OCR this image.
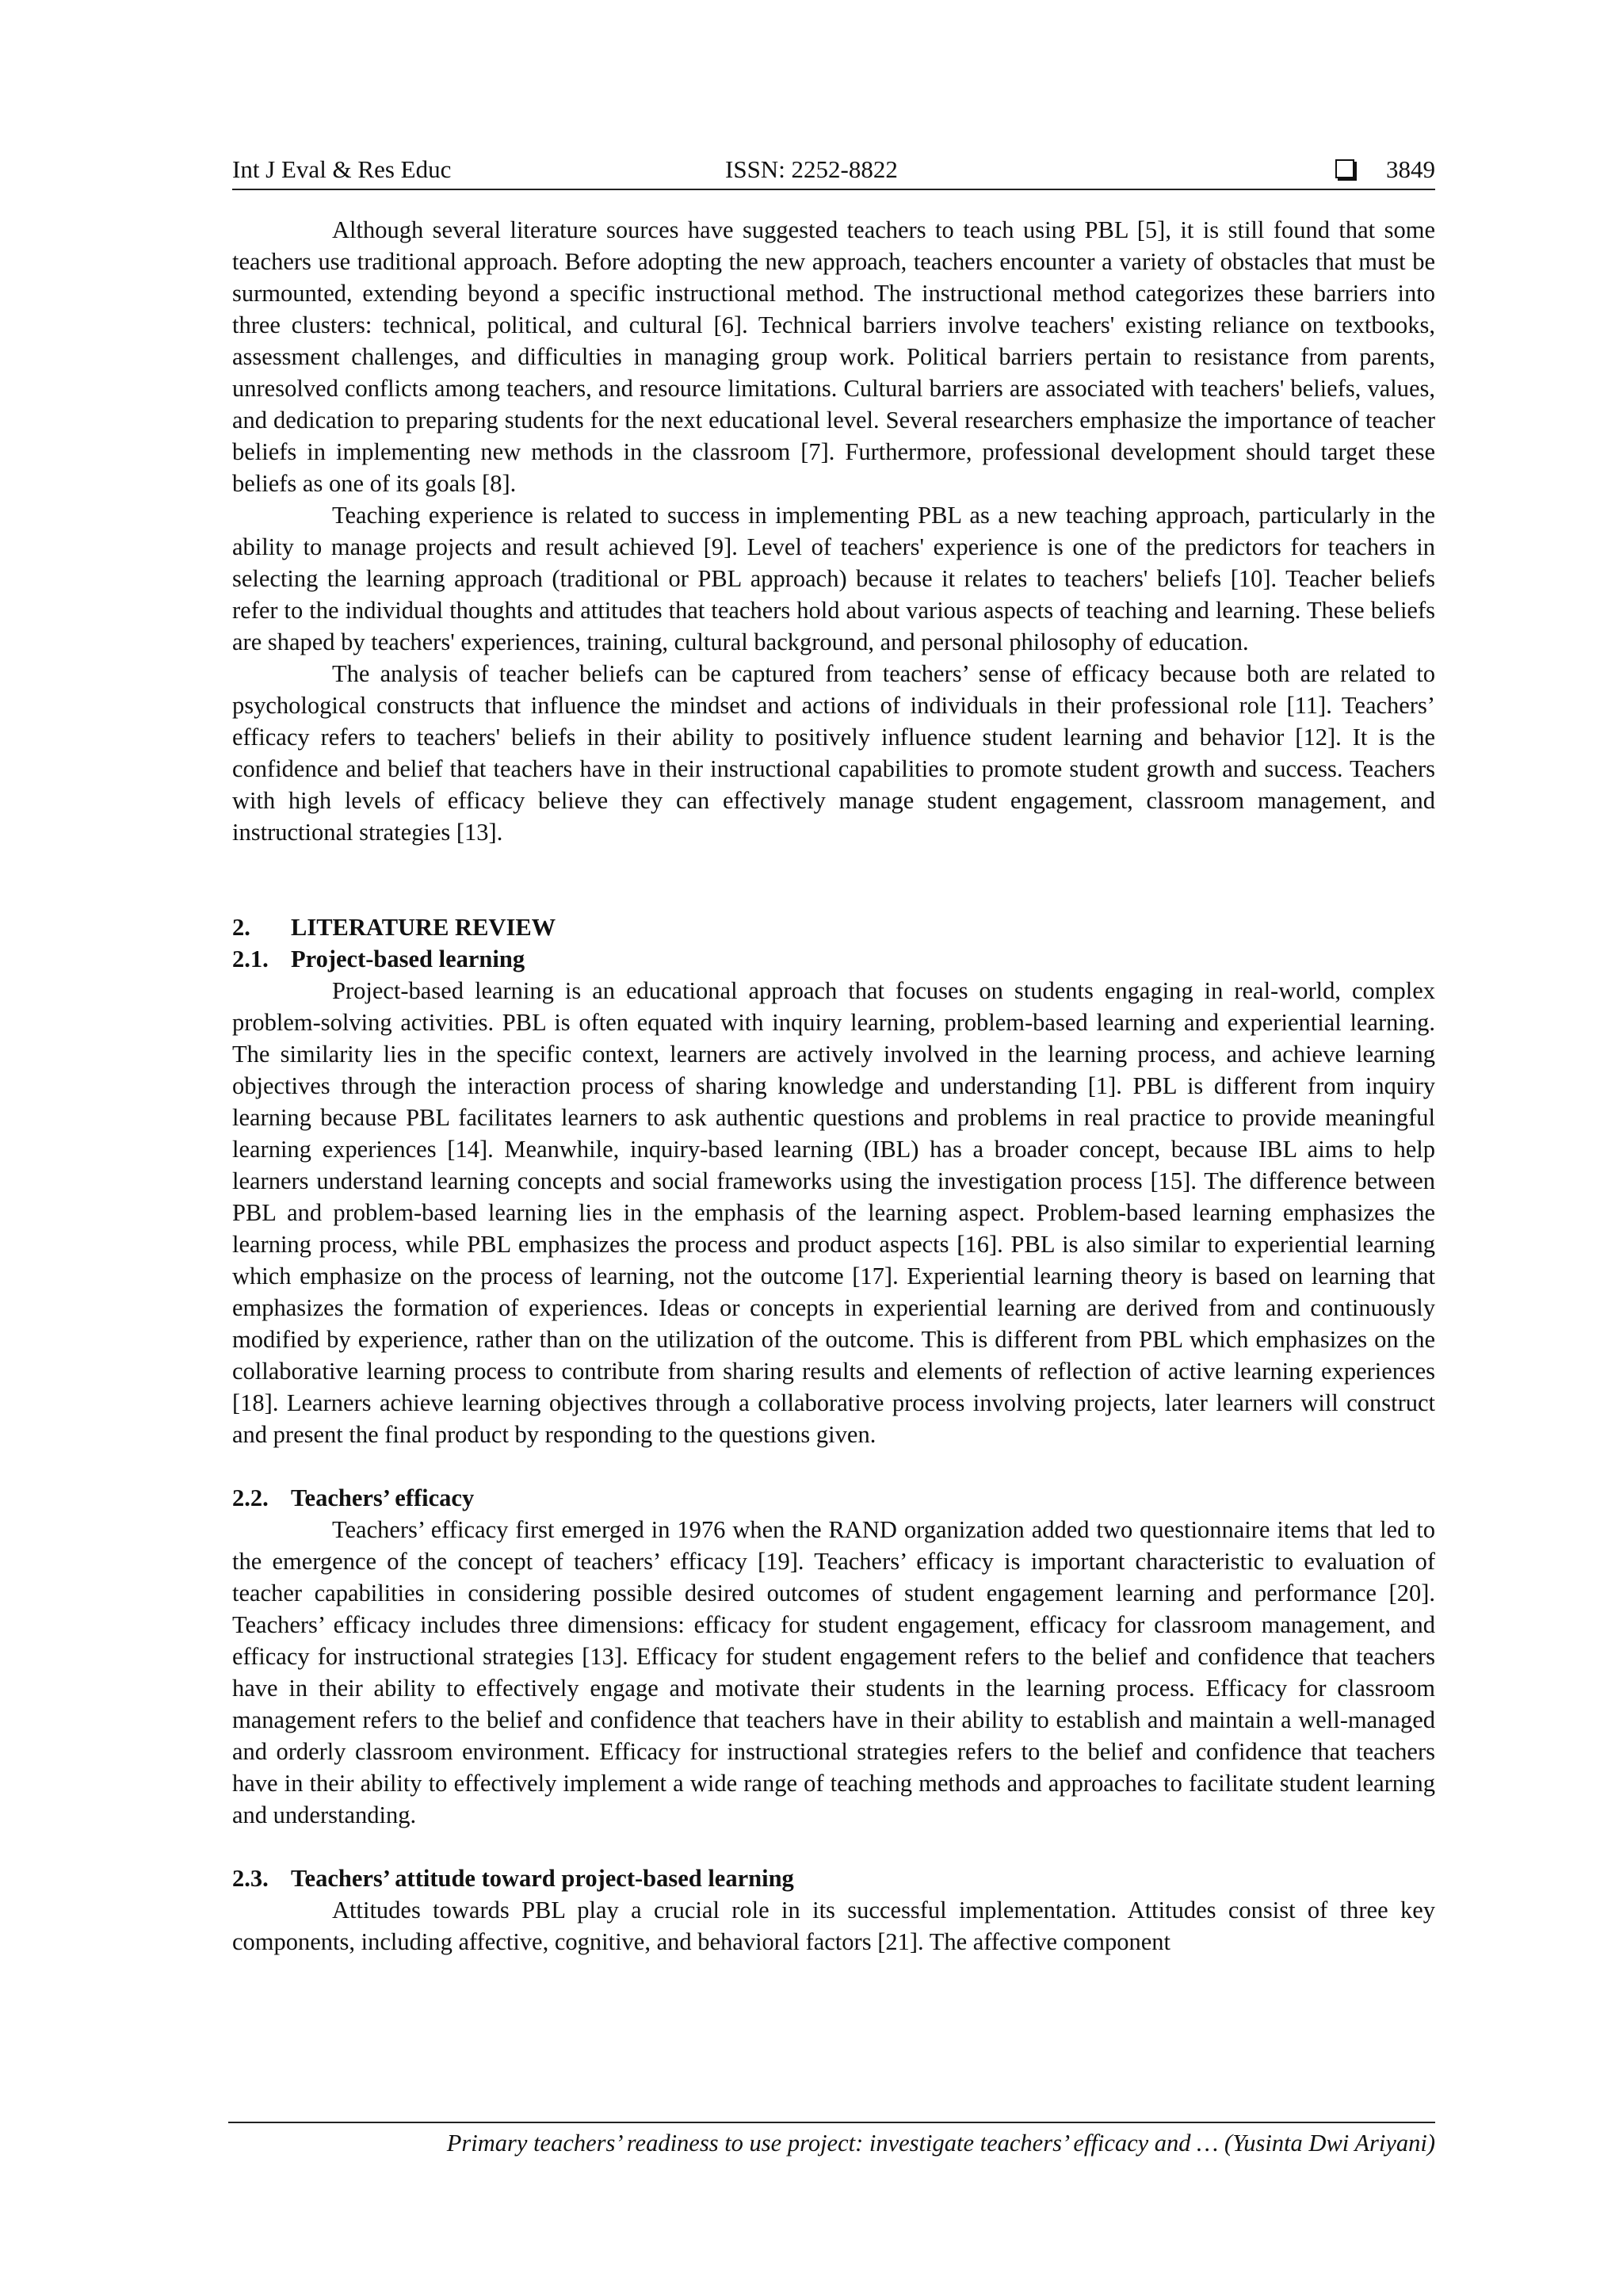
Int J Eval & Res Educ	ISSN: 2252-8822	3849

Although several literature sources have suggested teachers to teach using PBL [5], it is still found that some teachers use traditional approach. Before adopting the new approach, teachers encounter a variety of obstacles that must be surmounted, extending beyond a specific instructional method. The instructional method categorizes these barriers into three clusters: technical, political, and cultural [6]. Technical barriers involve teachers' existing reliance on textbooks, assessment challenges, and difficulties in managing group work. Political barriers pertain to resistance from parents, unresolved conflicts among teachers, and resource limitations. Cultural barriers are associated with teachers' beliefs, values, and dedication to preparing students for the next educational level. Several researchers emphasize the importance of teacher beliefs in implementing new methods in the classroom [7]. Furthermore, professional development should target these beliefs as one of its goals [8].

Teaching experience is related to success in implementing PBL as a new teaching approach, particularly in the ability to manage projects and result achieved [9]. Level of teachers' experience is one of the predictors for teachers in selecting the learning approach (traditional or PBL approach) because it relates to teachers' beliefs [10]. Teacher beliefs refer to the individual thoughts and attitudes that teachers hold about various aspects of teaching and learning. These beliefs are shaped by teachers' experiences, training, cultural background, and personal philosophy of education.

The analysis of teacher beliefs can be captured from teachers’ sense of efficacy because both are related to psychological constructs that influence the mindset and actions of individuals in their professional role [11]. Teachers’ efficacy refers to teachers' beliefs in their ability to positively influence student learning and behavior [12]. It is the confidence and belief that teachers have in their instructional capabilities to promote student growth and success. Teachers with high levels of efficacy believe they can effectively manage student engagement, classroom management, and instructional strategies [13].

2. LITERATURE REVIEW
2.1. Project-based learning

Project-based learning is an educational approach that focuses on students engaging in real-world, complex problem-solving activities. PBL is often equated with inquiry learning, problem-based learning and experiential learning. The similarity lies in the specific context, learners are actively involved in the learning process, and achieve learning objectives through the interaction process of sharing knowledge and understanding [1]. PBL is different from inquiry learning because PBL facilitates learners to ask authentic questions and problems in real practice to provide meaningful learning experiences [14]. Meanwhile, inquiry-based learning (IBL) has a broader concept, because IBL aims to help learners understand learning concepts and social frameworks using the investigation process [15]. The difference between PBL and problem-based learning lies in the emphasis of the learning aspect. Problem-based learning emphasizes the learning process, while PBL emphasizes the process and product aspects [16]. PBL is also similar to experiential learning which emphasize on the process of learning, not the outcome [17]. Experiential learning theory is based on learning that emphasizes the formation of experiences. Ideas or concepts in experiential learning are derived from and continuously modified by experience, rather than on the utilization of the outcome. This is different from PBL which emphasizes on the collaborative learning process to contribute from sharing results and elements of reflection of active learning experiences [18]. Learners achieve learning objectives through a collaborative process involving projects, later learners will construct and present the final product by responding to the questions given.

2.2. Teachers’ efficacy

Teachers’ efficacy first emerged in 1976 when the RAND organization added two questionnaire items that led to the emergence of the concept of teachers’ efficacy [19]. Teachers’ efficacy is important characteristic to evaluation of teacher capabilities in considering possible desired outcomes of student engagement learning and performance [20]. Teachers’ efficacy includes three dimensions: efficacy for student engagement, efficacy for classroom management, and efficacy for instructional strategies [13]. Efficacy for student engagement refers to the belief and confidence that teachers have in their ability to effectively engage and motivate their students in the learning process. Efficacy for classroom management refers to the belief and confidence that teachers have in their ability to establish and maintain a well-managed and orderly classroom environment. Efficacy for instructional strategies refers to the belief and confidence that teachers have in their ability to effectively implement a wide range of teaching methods and approaches to facilitate student learning and understanding.

2.3. Teachers’ attitude toward project-based learning

Attitudes towards PBL play a crucial role in its successful implementation. Attitudes consist of three key components, including affective, cognitive, and behavioral factors [21]. The affective component

Primary teachers’ readiness to use project: investigate teachers’ efficacy and … (Yusinta Dwi Ariyani)
